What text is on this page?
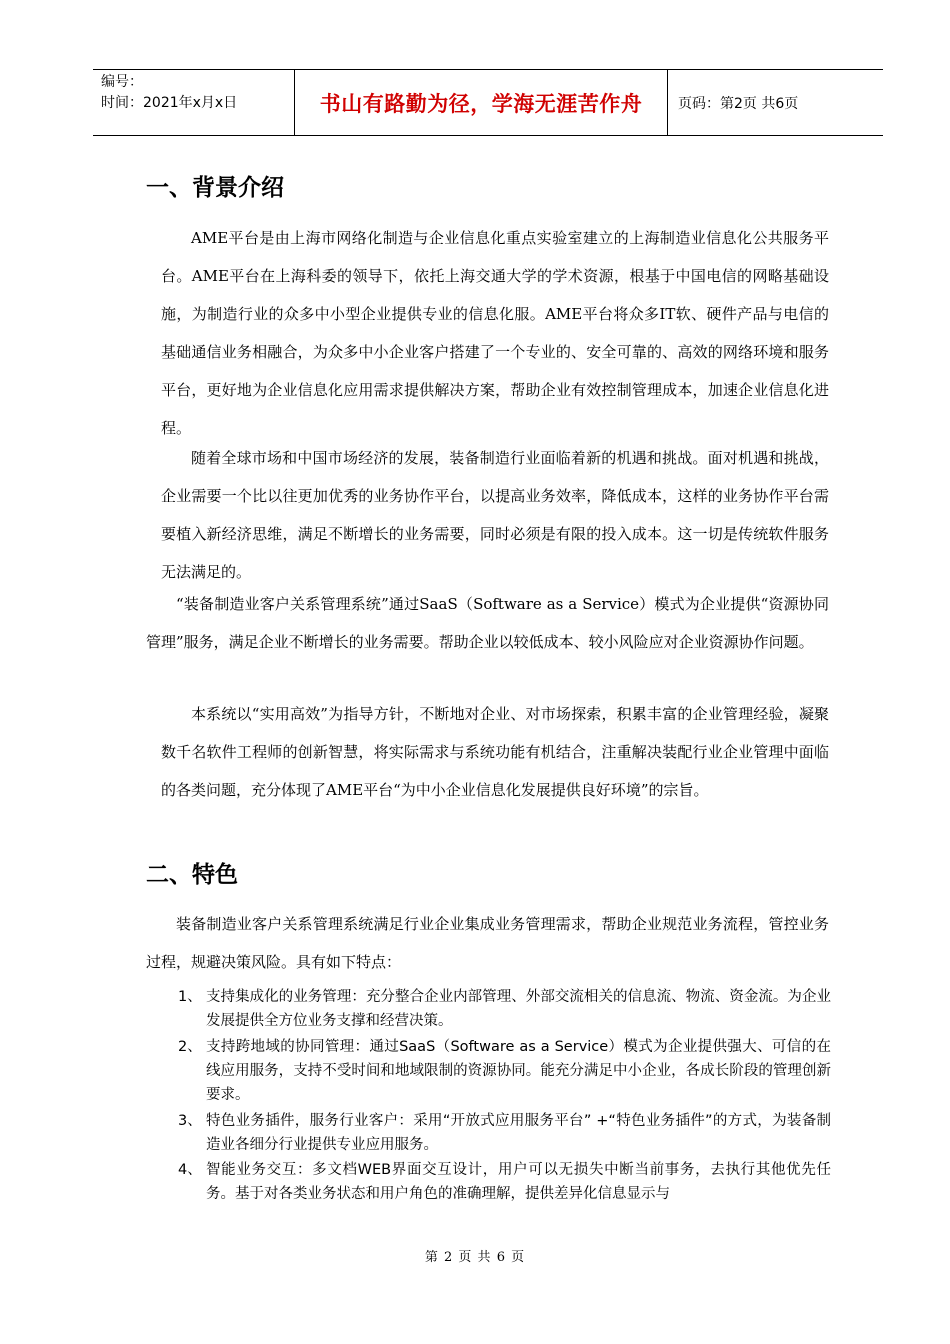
编号：
时间：2021年x月x日	书山有路勤为径，学海无涯苦作舟	页码：第2页 共6页
一、背景介绍

AME平台是由上海市网络化制造与企业信息化重点实验室建立的上海制造业信息化公共服务平台。AME平台在上海科委的领导下，依托上海交通大学的学术资源，根基于中国电信的网略基础设施，为制造行业的众多中小型企业提供专业的信息化服。AME平台将众多IT软、硬件产品与电信的基础通信业务相融合，为众多中小企业客户搭建了一个专业的、安全可靠的、高效的网络环境和服务平台，更好地为企业信息化应用需求提供解决方案，帮助企业有效控制管理成本，加速企业信息化进程。

随着全球市场和中国市场经济的发展，装备制造行业面临着新的机遇和挑战。面对机遇和挑战，企业需要一个比以往更加优秀的业务协作平台，以提高业务效率，降低成本，这样的业务协作平台需要植入新经济思维，满足不断增长的业务需要，同时必须是有限的投入成本。这一切是传统软件服务无法满足的。

“装备制造业客户关系管理系统”通过SaaS（Software as a Service）模式为企业提供“资源协同管理”服务，满足企业不断增长的业务需要。帮助企业以较低成本、较小风险应对企业资源协作问题。

本系统以“实用高效”为指导方针，不断地对企业、对市场探索，积累丰富的企业管理经验，凝聚数千名软件工程师的创新智慧，将实际需求与系统功能有机结合，注重解决装配行业企业管理中面临的各类问题，充分体现了AME平台“为中小企业信息化发展提供良好环境”的宗旨。

二、特色

装备制造业客户关系管理系统满足行业企业集成业务管理需求，帮助企业规范业务流程，管控业务过程，规避决策风险。具有如下特点：

1、 支持集成化的业务管理：充分整合企业内部管理、外部交流相关的信息流、物流、资金流。为企业发展提供全方位业务支撑和经营决策。
2、 支持跨地域的协同管理：通过SaaS（Software as a Service）模式为企业提供强大、可信的在线应用服务，支持不受时间和地域限制的资源协同。能充分满足中小企业，各成长阶段的管理创新要求。
3、 特色业务插件，服务行业客户：采用“开放式应用服务平台” +“特色业务插件”的方式，为装备制造业各细分行业提供专业应用服务。
4、 智能业务交互：多文档WEB界面交互设计，用户可以无损失中断当前事务，去执行其他优先任务。基于对各类业务状态和用户角色的准确理解，提供差异化信息显示与
第 2 页 共 6 页
